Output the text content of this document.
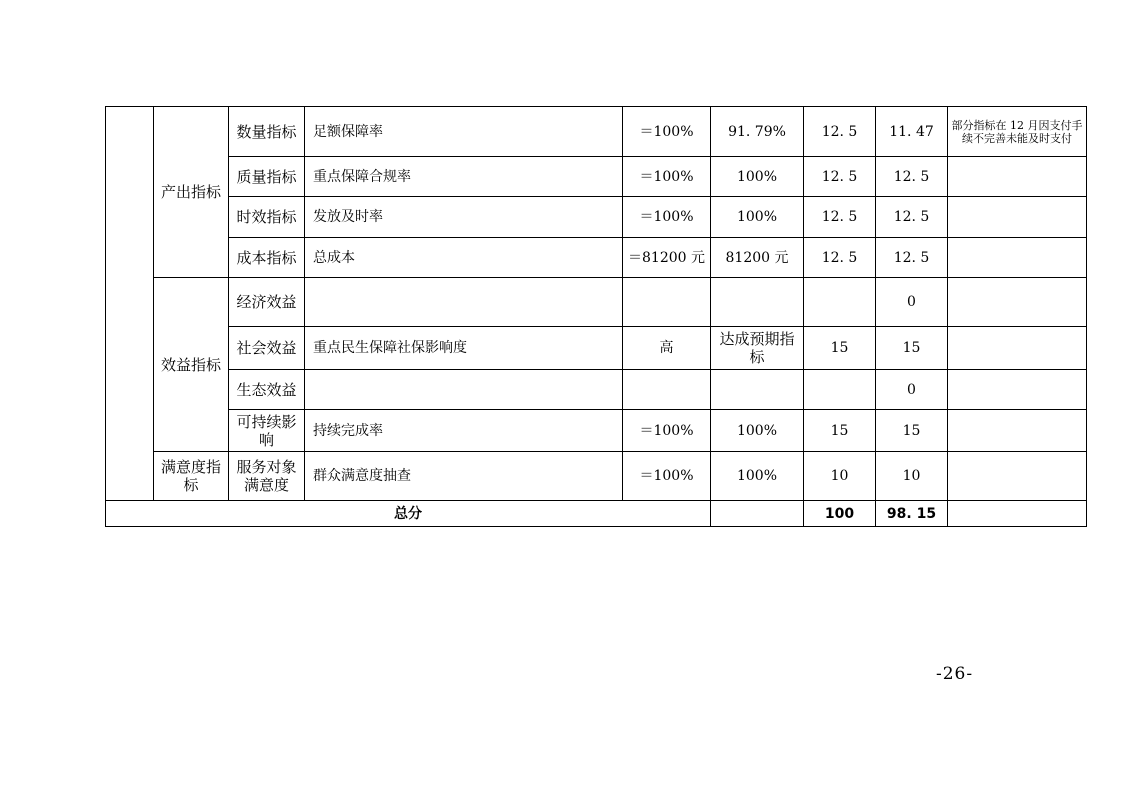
	产出指标	数量指标	足额保障率	＝100%	91. 79%	12. 5	11. 47	部分指标在 12 月因支付手续不完善未能及时支付
		质量指标	重点保障合规率	＝100%	100%	12. 5	12. 5	
		时效指标	发放及时率	＝100%	100%	12. 5	12. 5	
		成本指标	总成本	＝81200 元	81200 元	12. 5	12. 5	
	效益指标	经济效益					0	
		社会效益	重点民生保障社保影响度	高	达成预期指标	15	15	
		生态效益					0	
		可持续影响	持续完成率	＝100%	100%	15	15	
	满意度指标	服务对象满意度	群众满意度抽查	＝100%	100%	10	10	
总分						100	98. 15	
-26-
